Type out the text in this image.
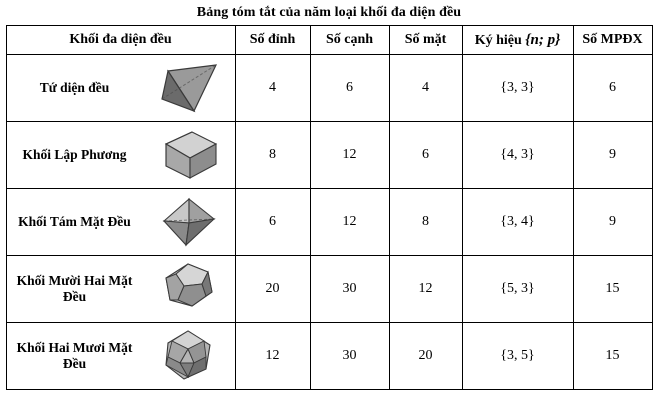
Bảng tóm tắt của năm loại khối đa diện đều
Khối đa diện đều	Số đỉnh	Số cạnh	Số mặt	Ký hiệu {n; p}	Số MPĐX

Tứ diện đều	4	6	4	{3, 3}	6

Khối Lập Phương	8	12	6	{4, 3}	9

Khối Tám Mặt Đều	6	12	8	{3, 4}	9

Khối Mười Hai Mặt Đều	20	30	12	{5, 3}	15

Khối Hai Mươi Mặt Đều	12	30	20	{3, 5}	15
